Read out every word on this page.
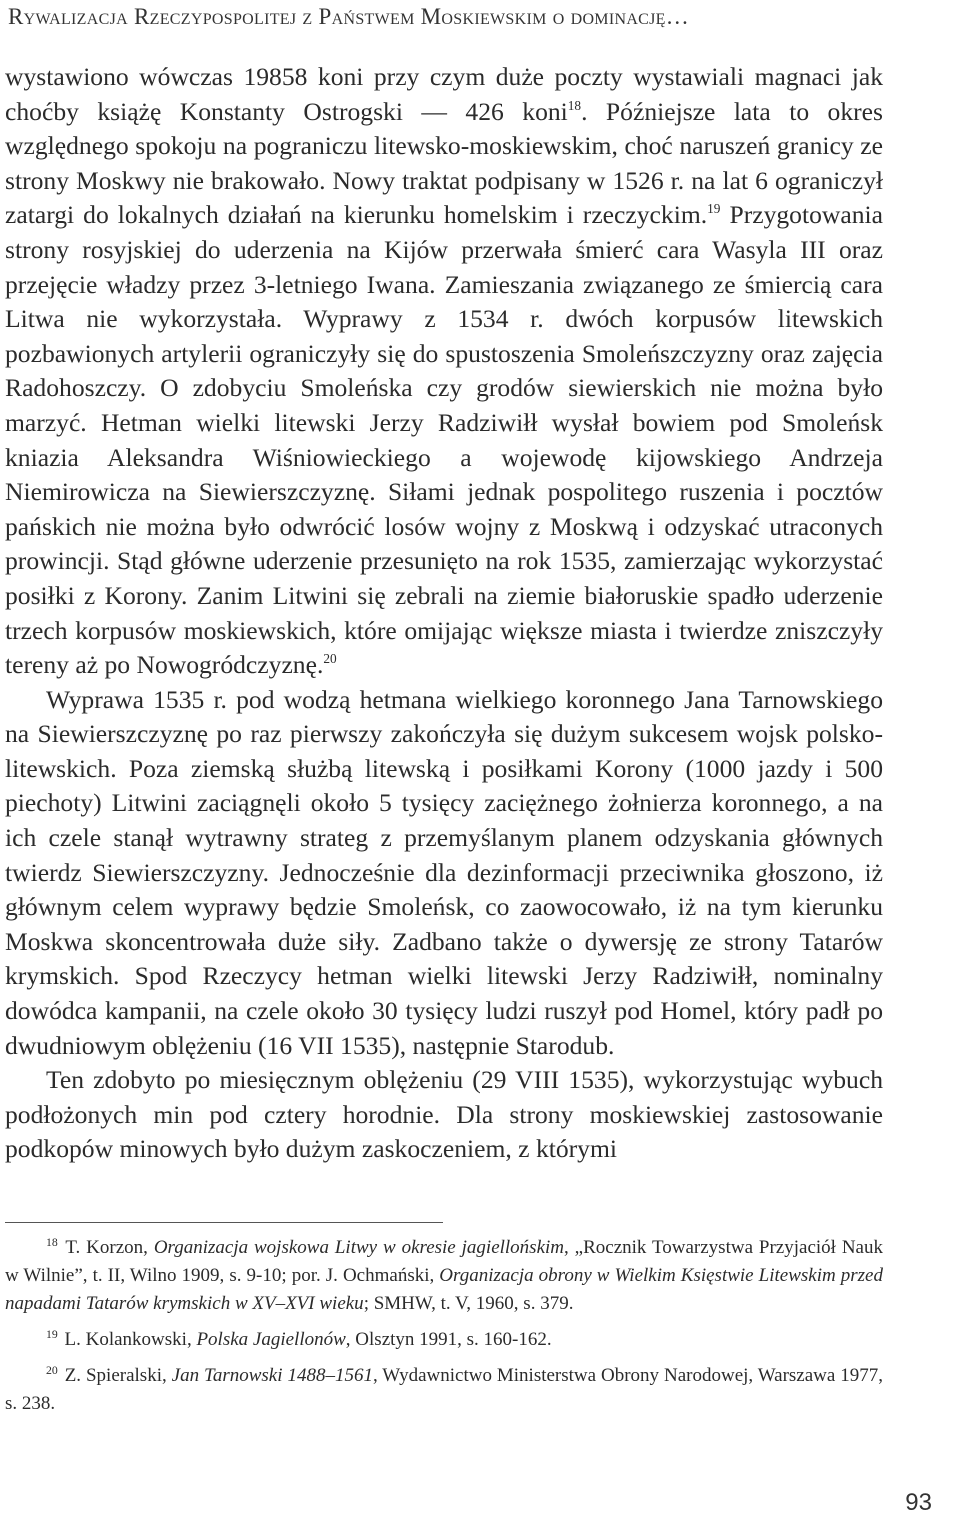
Rywalizacja Rzeczypospolitej z Państwem Moskiewskim o dominację…

wystawiono wówczas 19858 koni przy czym duże poczty wystawiali magnaci jak choćby książę Konstanty Ostrogski — 426 koni$^{18}$. Późniejsze lata to okres względnego spokoju na pograniczu litewsko-moskiewskim, choć naruszeń granicy ze strony Moskwy nie brakowało. Nowy traktat podpisany w 1526 r. na lat 6 ograniczył zatargi do lokalnych działań na kierunku homelskim i rzeczyckim.$^{19}$ Przygotowania strony rosyjskiej do uderzenia na Kijów przerwała śmierć cara Wasyla III oraz przejęcie władzy przez 3-letniego Iwana. Zamieszania związanego ze śmiercią cara Litwa nie wykorzystała. Wyprawy z 1534 r. dwóch korpusów litewskich pozbawionych artylerii ograniczyły się do spustoszenia Smoleńszczyzny oraz zajęcia Radohoszczy. O zdobyciu Smoleńska czy grodów siewierskich nie można było marzyć. Hetman wielki litewski Jerzy Radziwiłł wysłał bowiem pod Smoleńsk kniazia Aleksandra Wiśniowieckiego a wojewodę kijowskiego Andrzeja Niemirowicza na Siewierszczyznę. Siłami jednak pospolitego ruszenia i pocztów pańskich nie można było odwrócić losów wojny z Moskwą i odzyskać utraconych prowincji. Stąd główne uderzenie przesunięto na rok 1535, zamierzając wykorzystać posiłki z Korony. Zanim Litwini się zebrali na ziemie białoruskie spadło uderzenie trzech korpusów moskiewskich, które omijając większe miasta i twierdze zniszczyły tereny aż po Nowogródczyznę.$^{20}$

Wyprawa 1535 r. pod wodzą hetmana wielkiego koronnego Jana Tarnowskiego na Siewierszczyznę po raz pierwszy zakończyła się dużym sukcesem wojsk polsko-litewskich. Poza ziemską służbą litewską i posiłkami Korony (1000 jazdy i 500 piechoty) Litwini zaciągnęli około 5 tysięcy zaciężnego żołnierza koronnego, a na ich czele stanął wytrawny strateg z przemyślanym planem odzyskania głównych twierdz Siewierszczyzny. Jednocześnie dla dezinformacji przeciwnika głoszono, iż głównym celem wyprawy będzie Smoleńsk, co zaowocowało, iż na tym kierunku Moskwa skoncentrowała duże siły. Zadbano także o dywersję ze strony Tatarów krymskich. Spod Rzeczycy hetman wielki litewski Jerzy Radziwiłł, nominalny dowódca kampanii, na czele około 30 tysięcy ludzi ruszył pod Homel, który padł po dwudniowym oblężeniu (16 VII 1535), następnie Starodub.

Ten zdobyto po miesięcznym oblężeniu (29 VIII 1535), wykorzystując wybuch podłożonych min pod cztery horodnie. Dla strony moskiewskiej zastosowanie podkopów minowych było dużym zaskoczeniem, z którymi

$^{18}$ T. Korzon, Organizacja wojskowa Litwy w okresie jagiellońskim, „Rocznik Towarzystwa Przyjaciół Nauk w Wilnie”, t. II, Wilno 1909, s. 9-10; por. J. Ochmański, Organizacja obrony w Wielkim Księstwie Litewskim przed napadami Tatarów krymskich w XV–XVI wieku; SMHW, t. V, 1960, s. 379.

$^{19}$ L. Kolankowski, Polska Jagiellonów, Olsztyn 1991, s. 160-162.

$^{20}$ Z. Spieralski, Jan Tarnowski 1488–1561, Wydawnictwo Ministerstwa Obrony Narodowej, Warszawa 1977, s. 238.

93
